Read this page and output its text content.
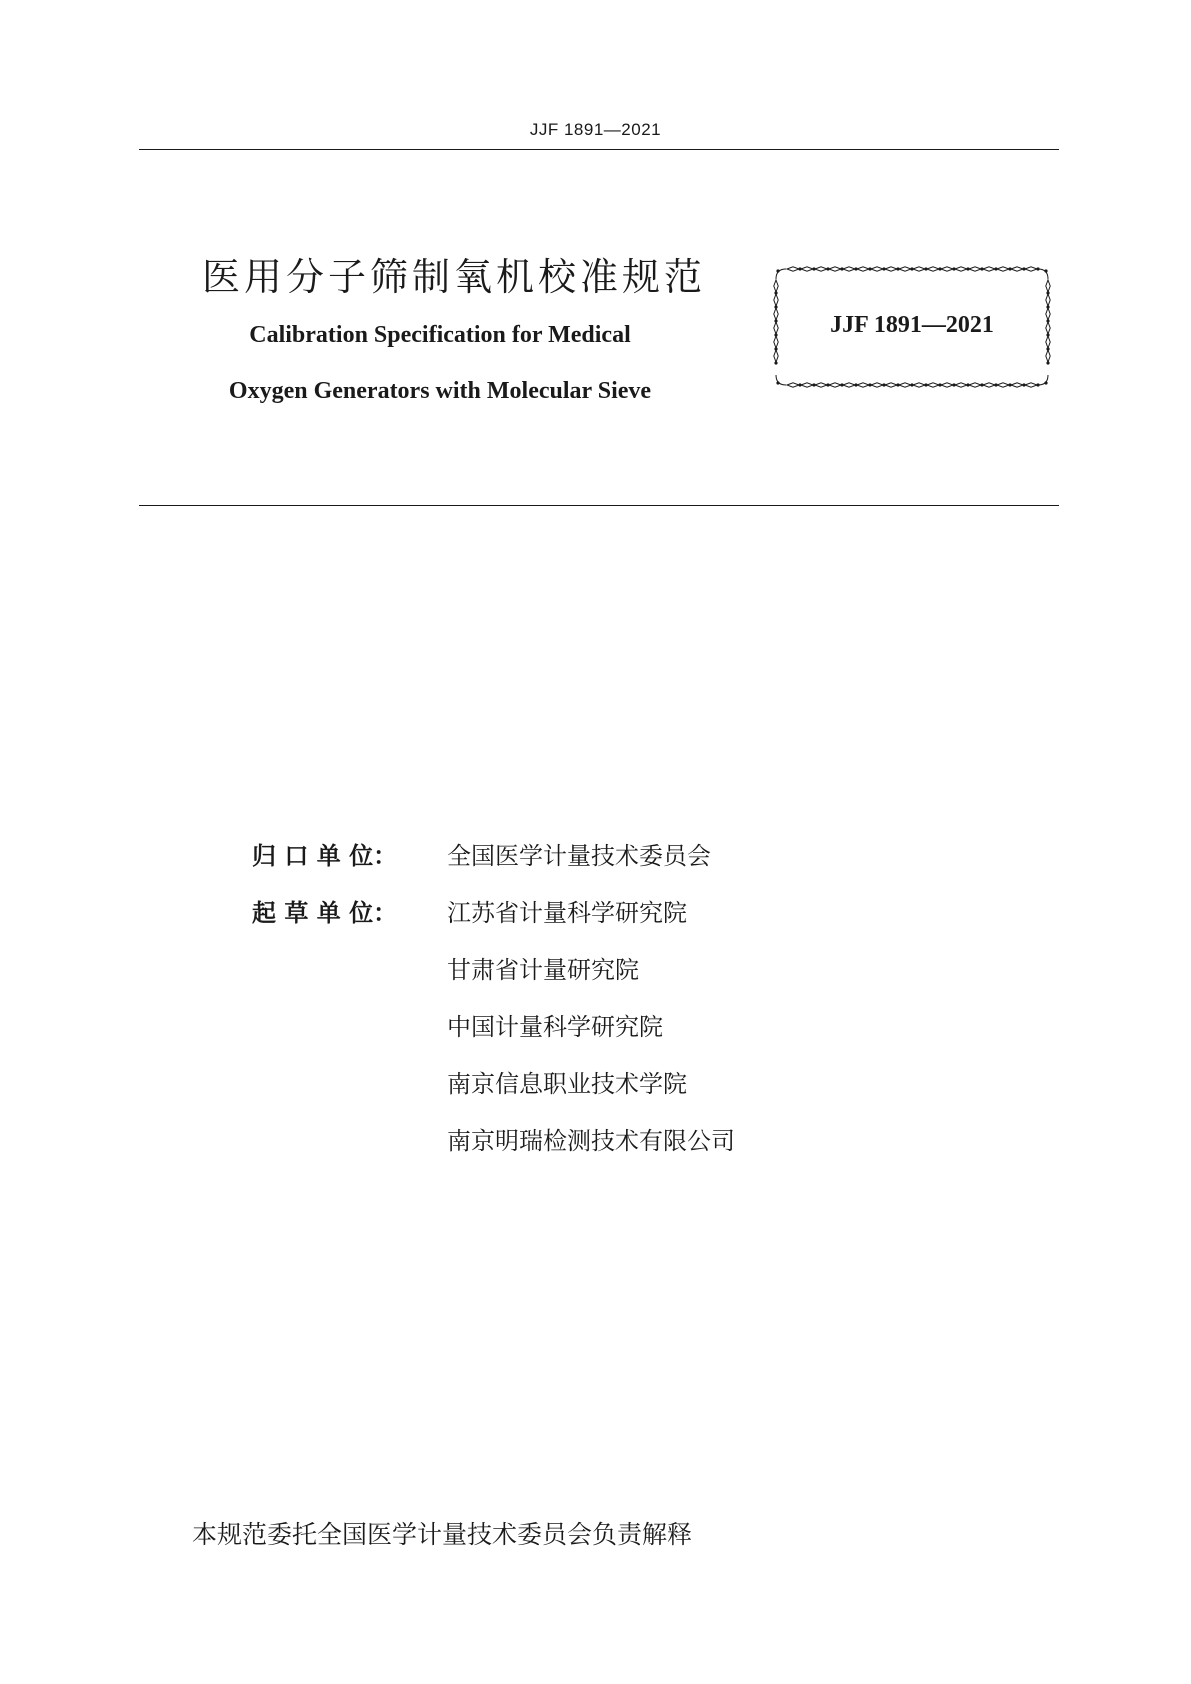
JJF 1891—2021
医用分子筛制氧机校准规范
Calibration Specification for Medical
Oxygen Generators with Molecular Sieve
JJF 1891—2021
归 口 单 位： 全国医学计量技术委员会
起 草 单 位： 江苏省计量科学研究院
甘肃省计量研究院
中国计量科学研究院
南京信息职业技术学院
南京明瑞检测技术有限公司
本规范委托全国医学计量技术委员会负责解释
